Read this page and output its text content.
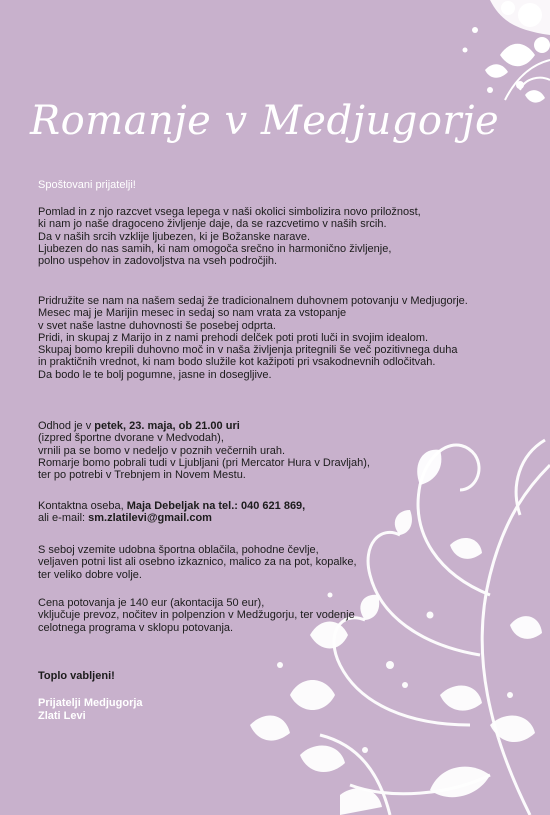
Romanje v Medjugorje
Spoštovani prijatelji!
Pomlad in z njo razcvet vsega lepega v naši okolici simbolizira novo priložnost,
ki nam jo naše dragoceno življenje daje, da se razcvetimo v naših srcih.
Da v naših srcih vzklije ljubezen, ki je Božanske narave.
Ljubezen do nas samih, ki nam omogoča srečno in harmonično življenje,
polno uspehov in zadovoljstva na vseh področjih.
Pridružite se nam na našem sedaj že tradicionalnem duhovnem potovanju v Medjugorje.
Mesec maj je Marijin mesec in sedaj so nam vrata za vstopanje
v svet naše lastne duhovnosti še posebej odprta.
Pridi, in skupaj z Marijo in z nami prehodi delček poti proti luči in svojim idealom.
Skupaj bomo krepili duhovno moč in v naša življenja pritegnili še več pozitivnega duha
in praktičnih vrednot, ki nam bodo služile kot kažipoti pri vsakodnevnih odločitvah.
Da bodo le te bolj pogumne, jasne in dosegljive.
Odhod je v petek, 23. maja, ob 21.00 uri
(izpred športne dvorane v Medvodah),
vrnili pa se bomo v nedeljo v poznih večernih urah.
Romarje bomo pobrali tudi v Ljubljani (pri Mercator Hura v Dravljah),
ter po potrebi v Trebnjem in Novem Mestu.
Kontaktna oseba, Maja Debeljak na tel.: 040 621 869,
ali e-mail: sm.zlatilevi@gmail.com
S seboj vzemite udobna športna oblačila, pohodne čevlje,
veljaven potni list ali osebno izkaznico, malico za na pot, kopalke,
ter veliko dobre volje.
Cena potovanja je 140 eur (akontacija 50 eur),
vključuje prevoz, nočitev in polpenzion v Medžugorju, ter vodenje
celotnega programa v sklopu potovanja.
Toplo vabljeni!
Prijatelji Medjugorja
Zlati Levi
